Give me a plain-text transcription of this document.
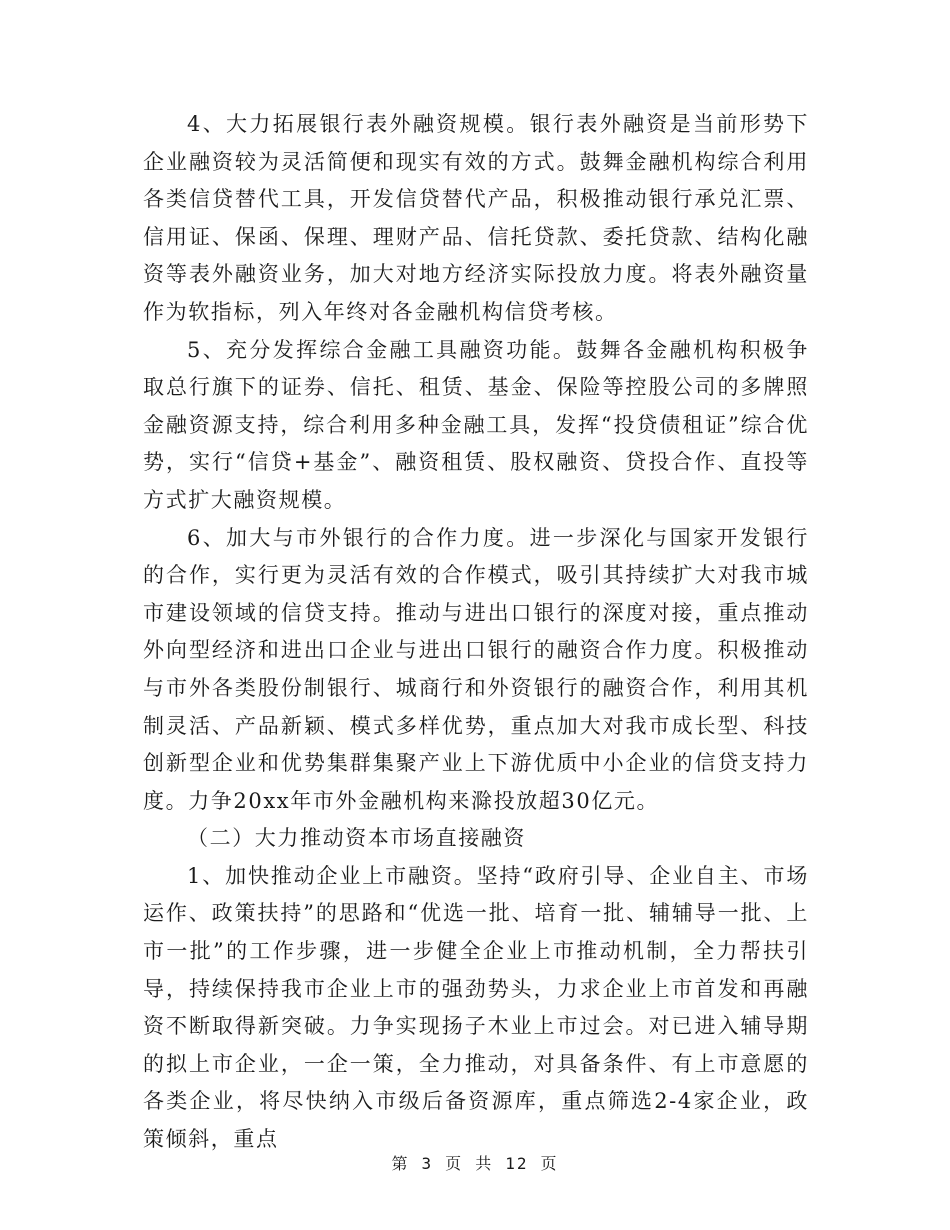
4、大力拓展银行表外融资规模。银行表外融资是当前形势下企业融资较为灵活简便和现实有效的方式。鼓舞金融机构综合利用各类信贷替代工具，开发信贷替代产品，积极推动银行承兑汇票、信用证、保函、保理、理财产品、信托贷款、委托贷款、结构化融资等表外融资业务，加大对地方经济实际投放力度。将表外融资量作为软指标，列入年终对各金融机构信贷考核。

5、充分发挥综合金融工具融资功能。鼓舞各金融机构积极争取总行旗下的证券、信托、租赁、基金、保险等控股公司的多牌照金融资源支持，综合利用多种金融工具，发挥“投贷债租证”综合优势，实行“信贷+基金”、融资租赁、股权融资、贷投合作、直投等方式扩大融资规模。

6、加大与市外银行的合作力度。进一步深化与国家开发银行的合作，实行更为灵活有效的合作模式，吸引其持续扩大对我市城市建设领域的信贷支持。推动与进出口银行的深度对接，重点推动外向型经济和进出口企业与进出口银行的融资合作力度。积极推动与市外各类股份制银行、城商行和外资银行的融资合作，利用其机制灵活、产品新颖、模式多样优势，重点加大对我市成长型、科技创新型企业和优势集群集聚产业上下游优质中小企业的信贷支持力度。力争20xx年市外金融机构来滁投放超30亿元。

（二）大力推动资本市场直接融资

1、加快推动企业上市融资。坚持“政府引导、企业自主、市场运作、政策扶持”的思路和“优选一批、培育一批、辅辅导一批、上市一批”的工作步骤，进一步健全企业上市推动机制，全力帮扶引导，持续保持我市企业上市的强劲势头，力求企业上市首发和再融资不断取得新突破。力争实现扬子木业上市过会。对已进入辅导期的拟上市企业，一企一策，全力推动，对具备条件、有上市意愿的各类企业，将尽快纳入市级后备资源库，重点筛选2-4家企业，政策倾斜，重点

第 3 页 共 12 页
